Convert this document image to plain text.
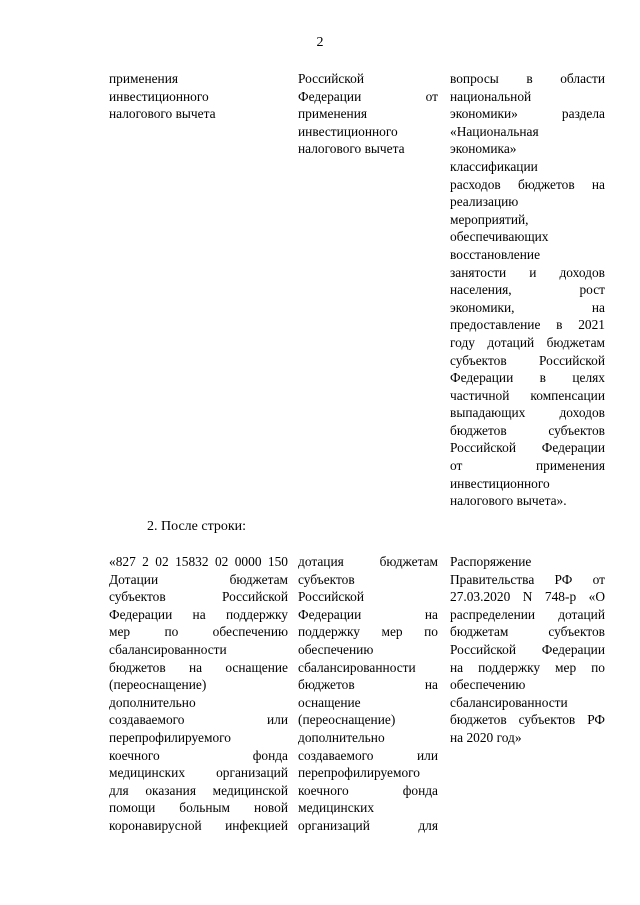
2
применения
инвестиционного
налогового вычета
Российской
Федерации от
применения
инвестиционного
налогового вычета
вопросы в области
национальной
экономики» раздела
«Национальная
экономика»
классификации
расходов бюджетов на
реализацию
мероприятий,
обеспечивающих
восстановление
занятости и доходов
населения, рост
экономики, на
предоставление в 2021
году дотаций бюджетам
субъектов Российской
Федерации в целях
частичной компенсации
выпадающих доходов
бюджетов субъектов
Российской Федерации
от применения
инвестиционного
налогового вычета».
2. После строки:
«827 2 02 15832 02 0000 150
Дотации бюджетам
субъектов Российской
Федерации на поддержку
мер по обеспечению
сбалансированности
бюджетов на оснащение
(переоснащение)
дополнительно
создаваемого или
перепрофилируемого
коечного фонда
медицинских организаций
для оказания медицинской
помощи больным новой
коронавирусной инфекцией
дотация бюджетам
субъектов
Российской
Федерации на
поддержку мер по
обеспечению
сбалансированности
бюджетов на
оснащение
(переоснащение)
дополнительно
создаваемого или
перепрофилируемого
коечного фонда
медицинских
организаций для
Распоряжение
Правительства РФ от
27.03.2020 N 748-р «О
распределении дотаций
бюджетам субъектов
Российской Федерации
на поддержку мер по
обеспечению
сбалансированности
бюджетов субъектов РФ
на 2020 год»
